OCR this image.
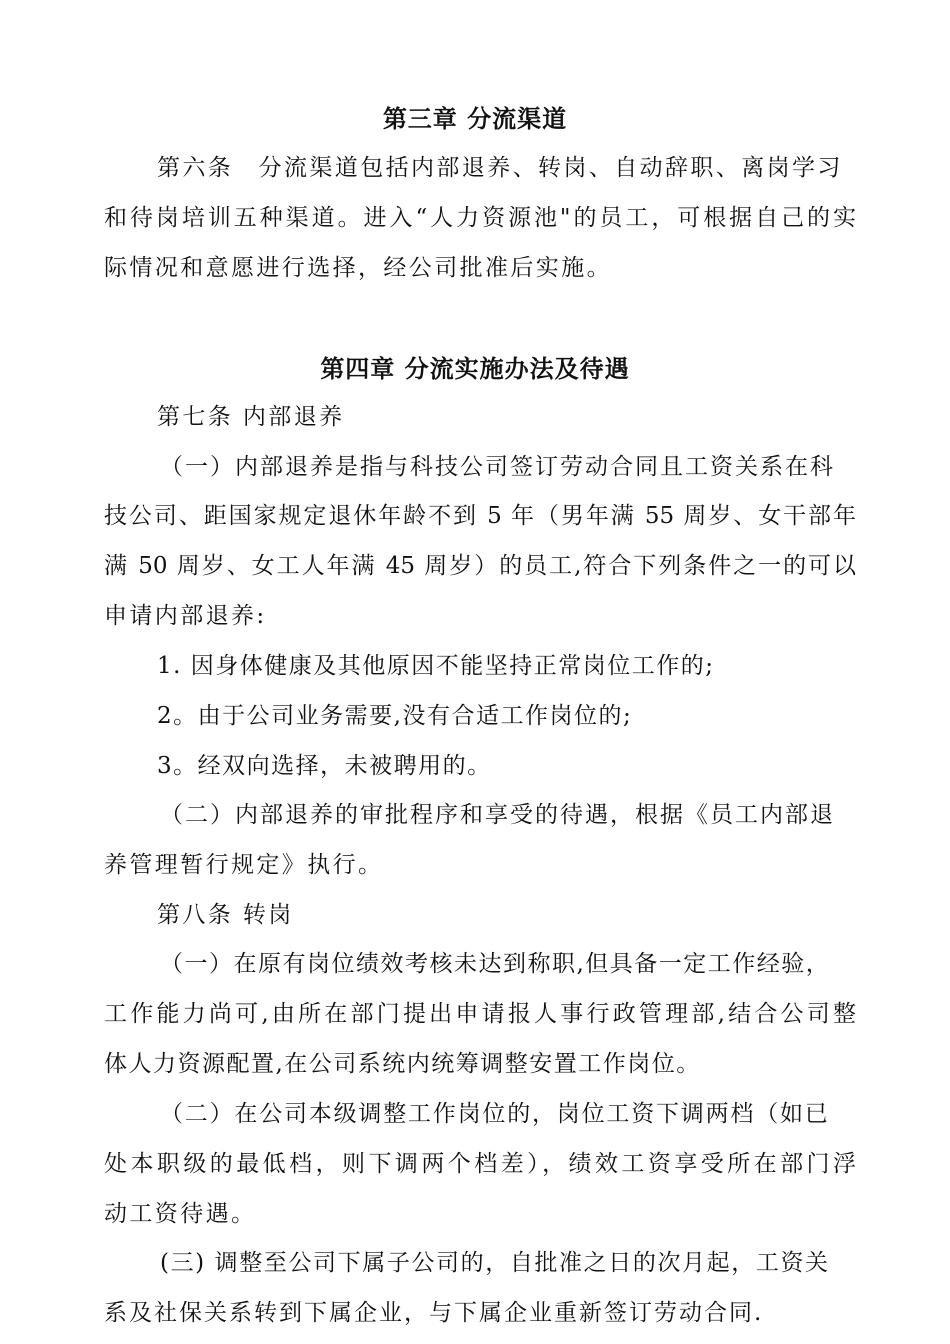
第三章 分流渠道
第六条　分流渠道包括内部退养、转岗、自动辞职、离岗学习
和待岗培训五种渠道。进入“人力资源池"的员工，可根据自己的实
际情况和意愿进行选择，经公司批准后实施。
第四章 分流实施办法及待遇
第七条 内部退养
（一）内部退养是指与科技公司签订劳动合同且工资关系在科
技公司、距国家规定退休年龄不到 5 年（男年满 55 周岁、女干部年
满 50 周岁、女工人年满 45 周岁）的员工,符合下列条件之一的可以
申请内部退养:
1. 因身体健康及其他原因不能坚持正常岗位工作的;
2。由于公司业务需要,没有合适工作岗位的;
3。经双向选择，未被聘用的。
（二）内部退养的审批程序和享受的待遇，根据《员工内部退
养管理暂行规定》执行。
第八条 转岗
（一）在原有岗位绩效考核未达到称职,但具备一定工作经验，
工作能力尚可,由所在部门提出申请报人事行政管理部,结合公司整
体人力资源配置,在公司系统内统筹调整安置工作岗位。
（二）在公司本级调整工作岗位的，岗位工资下调两档（如已
处本职级的最低档，则下调两个档差），绩效工资享受所在部门浮
动工资待遇。
(三) 调整至公司下属子公司的，自批准之日的次月起，工资关
系及社保关系转到下属企业，与下属企业重新签订劳动合同.
